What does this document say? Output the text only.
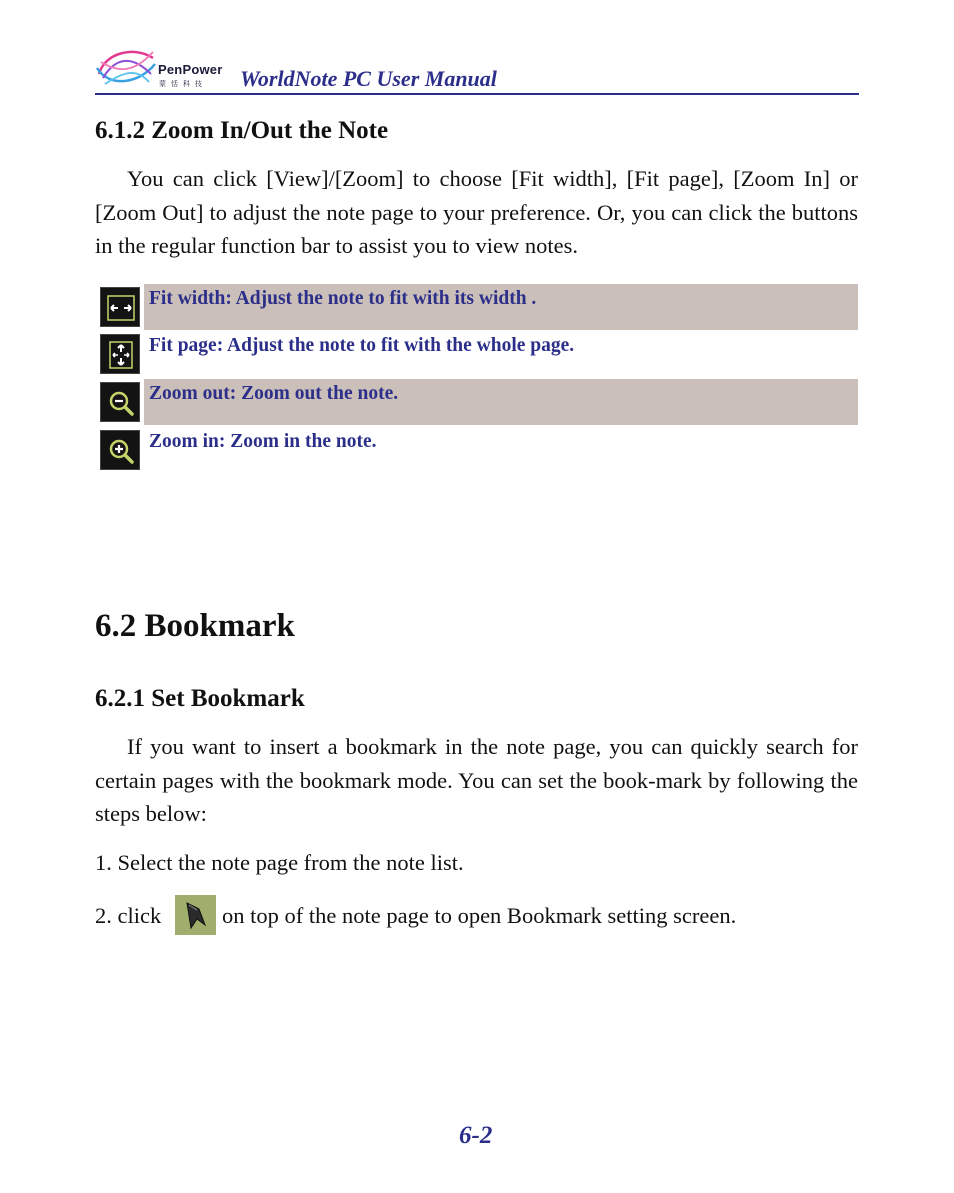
PenPower
蒙恬科技 WorldNote PC User Manual
6.1.2 Zoom In/Out the Note

You can click [View]/[Zoom] to choose [Fit width], [Fit page], [Zoom In] or [Zoom Out] to adjust the note page to your preference. Or, you can click the buttons in the regular function bar to assist you to view notes.

Fit width: Adjust the note to fit with its width .
Fit page: Adjust the note to fit with the whole page.
Zoom out: Zoom out the note.
Zoom in: Zoom in the note.
6.2 Bookmark
6.2.1 Set Bookmark

If you want to insert a bookmark in the note page, you can quickly search for certain pages with the bookmark mode. You can set the book-mark by following the steps below:

1. Select the note page from the note list.
2. click	on top of the note page to open Bookmark setting screen.
6-2
